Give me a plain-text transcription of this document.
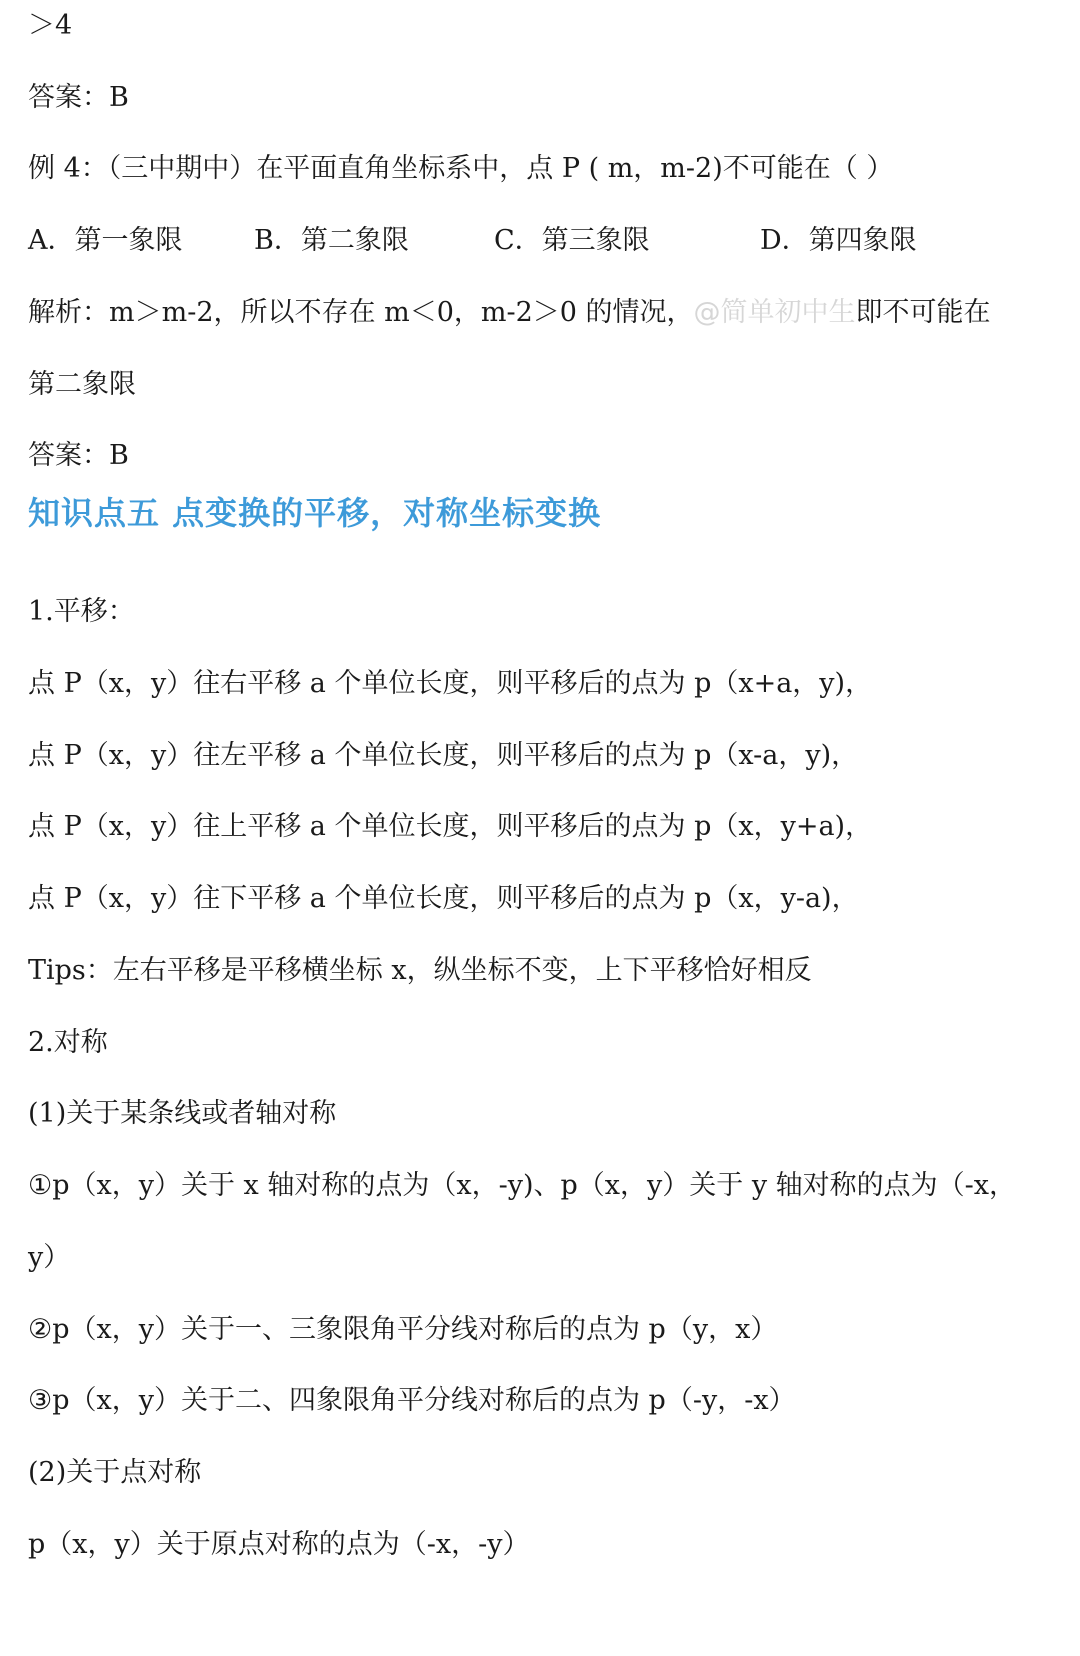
＞4
答案：B
例 4：（三中期中）在平面直角坐标系中，点 P ( m，m-2)不可能在（ ）
A．第一象限	B．第二象限	C．第三象限	D．第四象限
解析：m＞m-2，所以不存在 m＜0，m-2＞0 的情况，@简单初中生即不可能在
第二象限
答案：B
知识点五 点变换的平移，对称坐标变换
1.平移：
点 P（x，y）往右平移 a 个单位长度，则平移后的点为 p（x+a，y)，
点 P（x，y）往左平移 a 个单位长度，则平移后的点为 p（x-a，y)，
点 P（x，y）往上平移 a 个单位长度，则平移后的点为 p（x，y+a)，
点 P（x，y）往下平移 a 个单位长度，则平移后的点为 p（x，y-a)，
Tips：左右平移是平移横坐标 x，纵坐标不变，上下平移恰好相反
2.对称
(1)关于某条线或者轴对称
①p（x，y）关于 x 轴对称的点为（x，-y)、p（x，y）关于 y 轴对称的点为（-x，
y）
②p（x，y）关于一、三象限角平分线对称后的点为 p（y，x）
③p（x，y）关于二、四象限角平分线对称后的点为 p（-y，-x）
(2)关于点对称
p（x，y）关于原点对称的点为（-x，-y）
